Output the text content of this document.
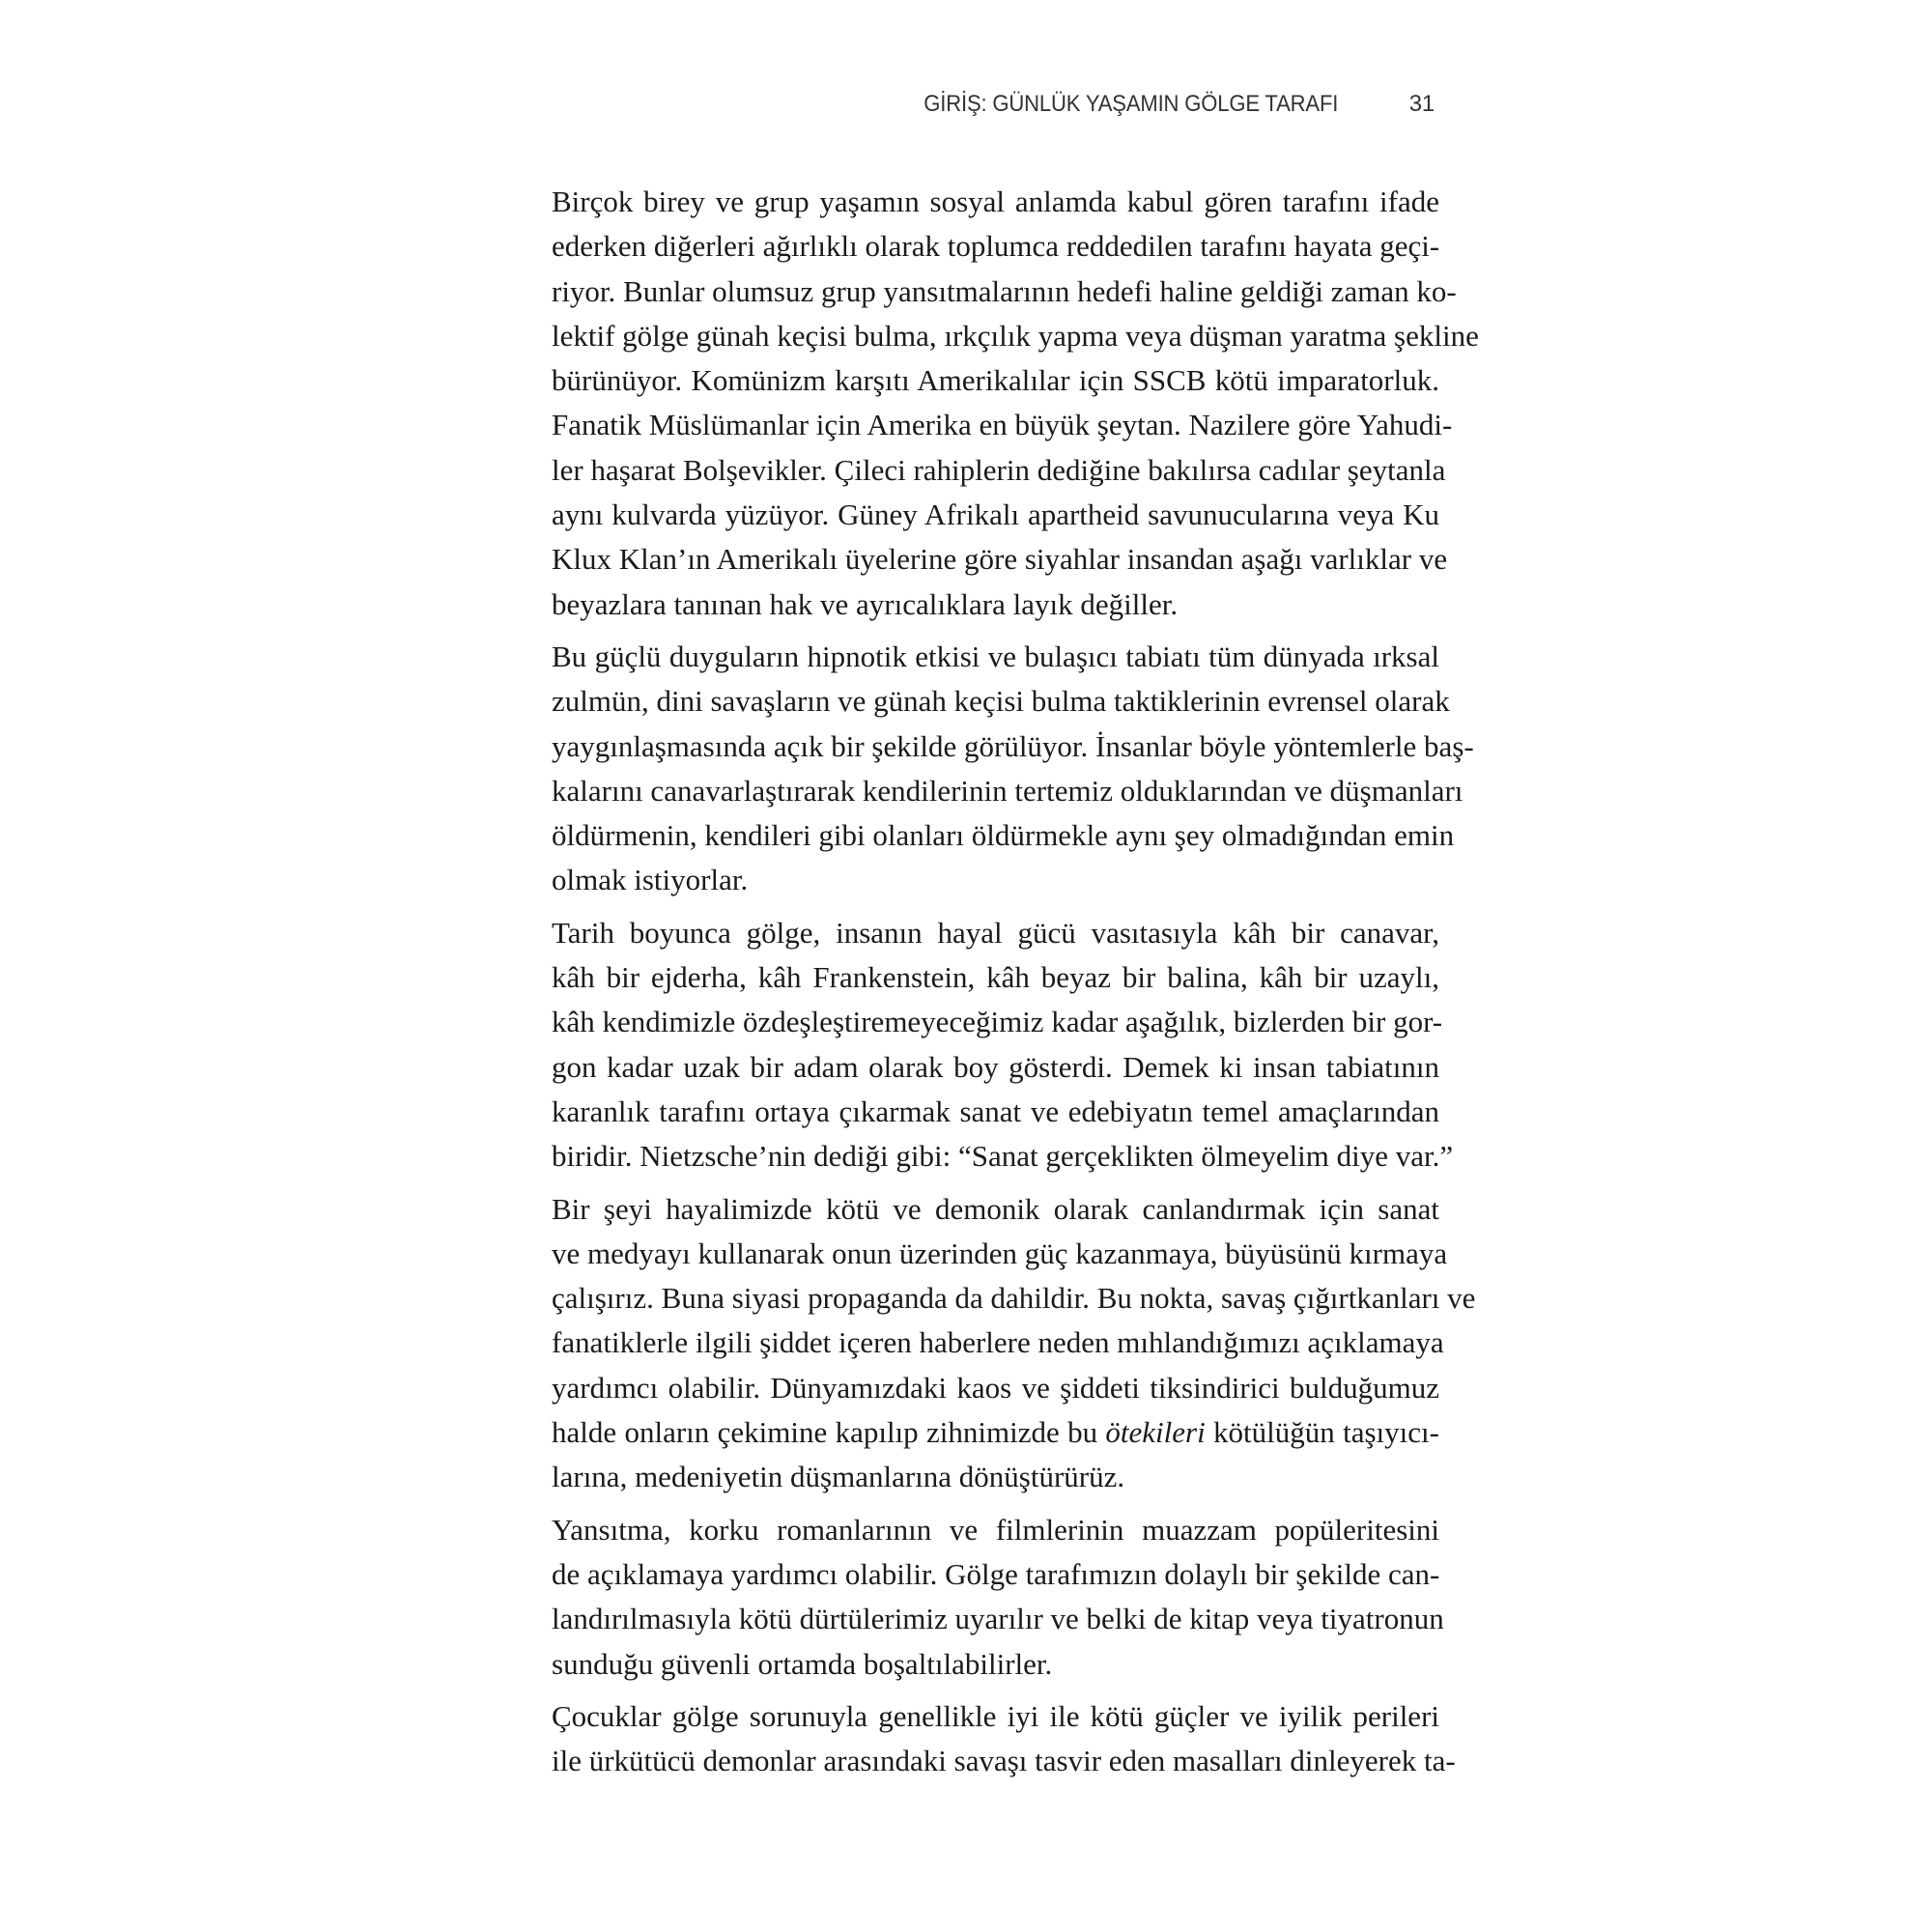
GİRİŞ: GÜNLÜK YAŞAMIN GÖLGE TARAFI	31

Birçok birey ve grup yaşamın sosyal anlamda kabul gören tarafını ifade
ederken diğerleri ağırlıklı olarak toplumca reddedilen tarafını hayata geçi-
riyor. Bunlar olumsuz grup yansıtmalarının hedefi haline geldiği zaman ko-
lektif gölge günah keçisi bulma, ırkçılık yapma veya düşman yaratma şekline
bürünüyor. Komünizm karşıtı Amerikalılar için SSCB kötü imparatorluk.
Fanatik Müslümanlar için Amerika en büyük şeytan. Nazilere göre Yahudi-
ler haşarat Bolşevikler. Çileci rahiplerin dediğine bakılırsa cadılar şeytanla
aynı kulvarda yüzüyor. Güney Afrikalı apartheid savunucularına veya Ku
Klux Klan’ın Amerikalı üyelerine göre siyahlar insandan aşağı varlıklar ve
beyazlara tanınan hak ve ayrıcalıklara layık değiller.

Bu güçlü duyguların hipnotik etkisi ve bulaşıcı tabiatı tüm dünyada ırksal
zulmün, dini savaşların ve günah keçisi bulma taktiklerinin evrensel olarak
yaygınlaşmasında açık bir şekilde görülüyor. İnsanlar böyle yöntemlerle baş-
kalarını canavarlaştırarak kendilerinin tertemiz olduklarından ve düşmanları
öldürmenin, kendileri gibi olanları öldürmekle aynı şey olmadığından emin
olmak istiyorlar.

Tarih boyunca gölge, insanın hayal gücü vasıtasıyla kâh bir canavar,
kâh bir ejderha, kâh Frankenstein, kâh beyaz bir balina, kâh bir uzaylı,
kâh kendimizle özdeşleştiremeyeceğimiz kadar aşağılık, bizlerden bir gor-
gon kadar uzak bir adam olarak boy gösterdi. Demek ki insan tabiatının
karanlık tarafını ortaya çıkarmak sanat ve edebiyatın temel amaçlarından
biridir. Nietzsche’nin dediği gibi: “Sanat gerçeklikten ölmeyelim diye var.”

Bir şeyi hayalimizde kötü ve demonik olarak canlandırmak için sanat
ve medyayı kullanarak onun üzerinden güç kazanmaya, büyüsünü kırmaya
çalışırız. Buna siyasi propaganda da dahildir. Bu nokta, savaş çığırtkanları ve
fanatiklerle ilgili şiddet içeren haberlere neden mıhlandığımızı açıklamaya
yardımcı olabilir. Dünyamızdaki kaos ve şiddeti tiksindirici bulduğumuz
halde onların çekimine kapılıp zihnimizde bu ötekileri kötülüğün taşıyıcı-
larına, medeniyetin düşmanlarına dönüştürürüz.

Yansıtma, korku romanlarının ve filmlerinin muazzam popüleritesini
de açıklamaya yardımcı olabilir. Gölge tarafımızın dolaylı bir şekilde can-
landırılmasıyla kötü dürtülerimiz uyarılır ve belki de kitap veya tiyatronun
sunduğu güvenli ortamda boşaltılabilirler.

Çocuklar gölge sorunuyla genellikle iyi ile kötü güçler ve iyilik perileri
ile ürkütücü demonlar arasındaki savaşı tasvir eden masalları dinleyerek ta-
